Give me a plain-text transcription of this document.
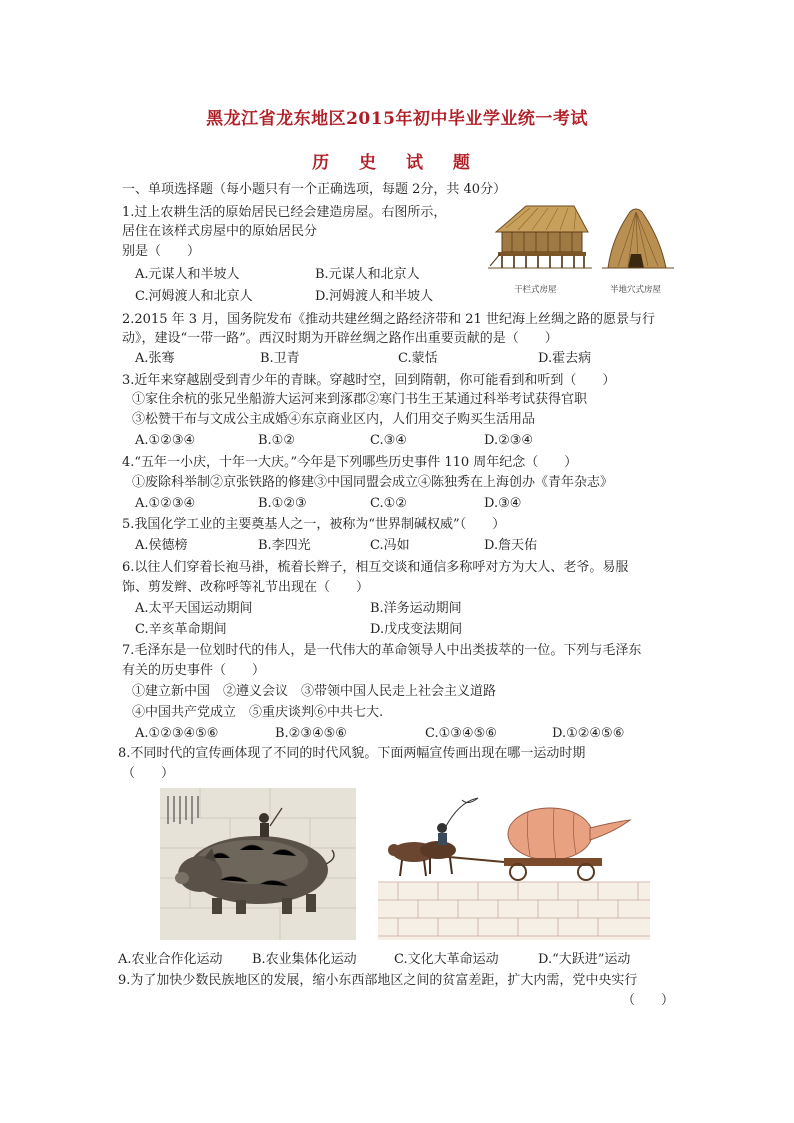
黑龙江省龙东地区2015年初中毕业学业统一考试
历 史 试 题
一、单项选择题（每小题只有一个正确选项，每题 2分，共 40分）
1.过上农耕生活的原始居民已经会建造房屋。右图所示，
居住在该样式房屋中的原始居民分
别是（　　）
A.元谋人和半坡人	B.元谋人和北京人
C.河姆渡人和北京人	D.河姆渡人和半坡人	干栏式房屋	半地穴式房屋
2.2015 年 3 月，国务院发布《推动共建丝绸之路经济带和 21 世纪海上丝绸之路的愿景与行
动》，建设“一带一路”。西汉时期为开辟丝绸之路作出重要贡献的是（　　）
A.张骞	B.卫青	C.蒙恬	D.霍去病
3.近年来穿越剧受到青少年的青睐。穿越时空，回到隋朝，你可能看到和听到（　　）
①家住余杭的张兄坐船游大运河来到涿郡②寒门书生王某通过科举考试获得官职
③松赞干布与文成公主成婚④东京商业区内，人们用交子购买生活用品
A.①②③④	B.①②	C.③④	D.②③④
4.“五年一小庆，十年一大庆。”今年是下列哪些历史事件 110 周年纪念（　　）
①废除科举制②京张铁路的修建③中国同盟会成立④陈独秀在上海创办《青年杂志》
A.①②③④	B.①②③	C.①②	D.③④
5.我国化学工业的主要奠基人之一，被称为“世界制碱权威”（　　）
A.侯德榜	B.李四光	C.冯如	D.詹天佑
6.以往人们穿着长袍马褂，梳着长辫子，相互交谈和通信多称呼对方为大人、老爷。易服
饰、剪发辫、改称呼等礼节出现在（　　）
A.太平天国运动期间	B.洋务运动期间
C.辛亥革命期间	D.戊戌变法期间
7.毛泽东是一位划时代的伟人，是一代伟大的革命领导人中出类拔萃的一位。下列与毛泽东
有关的历史事件（　　）
①建立新中国　②遵义会议　③带领中国人民走上社会主义道路
④中国共产党成立　⑤重庆谈判⑥中共七大.
A.①②③④⑤⑥	B.②③④⑤⑥	C.①③④⑤⑥	D.①②④⑤⑥
8.不同时代的宣传画体现了不同的时代风貌。下面两幅宣传画出现在哪一运动时期
（　　）
A.农业合作化运动 B.农业集体化运动	C.文化大革命运动	D.“大跃进”运动
9.为了加快少数民族地区的发展，缩小东西部地区之间的贫富差距，扩大内需，党中央实行
（　　）
